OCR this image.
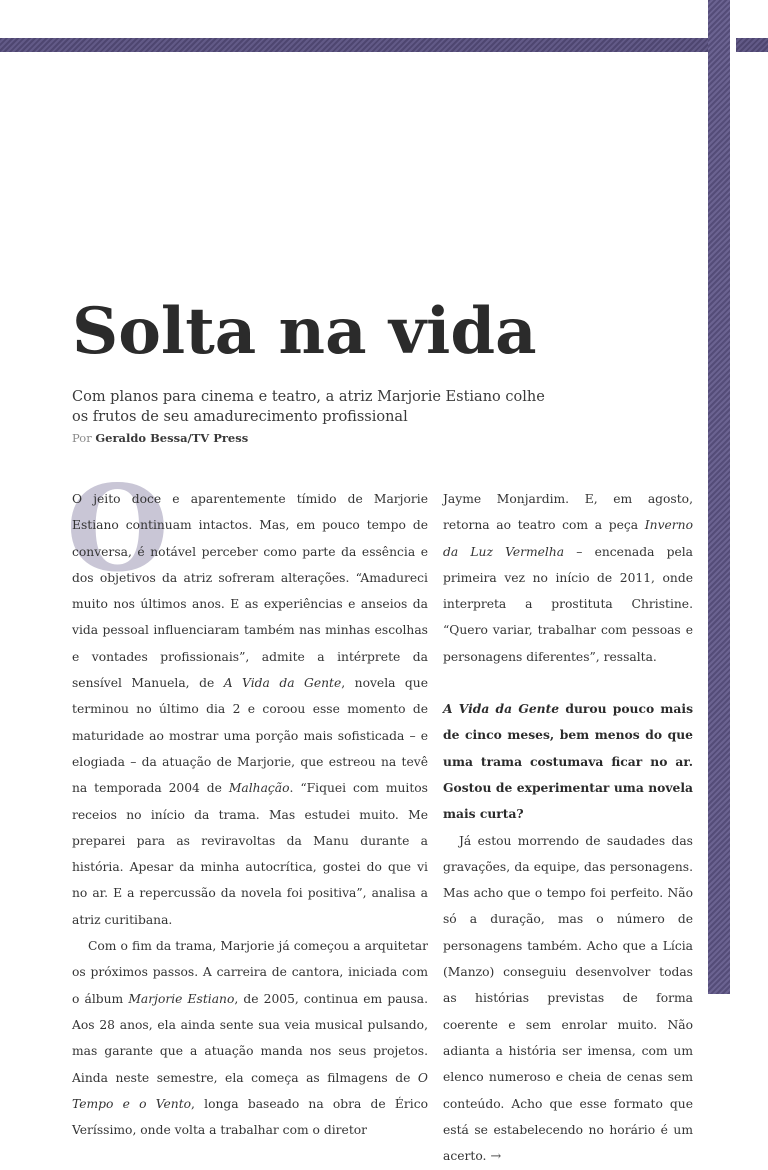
Solta na vida

Com planos para cinema e teatro, a atriz Marjorie Estiano colhe os frutos de seu amadurecimento profissional

Por Geraldo Bessa/TV Press

O

O jeito doce e aparentemente tímido de Marjorie Estiano continuam intactos. Mas, em pouco tempo de conversa, é notável perceber como parte da essência e dos objetivos da atriz sofreram alterações. “Amadureci muito nos últimos anos. E as experiências e anseios da vida pessoal influenciaram também nas minhas escolhas e vontades profissionais”, admite a intérprete da sensível Manuela, de A Vida da Gente, novela que terminou no último dia 2 e coroou esse momento de maturidade ao mostrar uma porção mais sofisticada – e elogiada – da atuação de Marjorie, que estreou na tevê na temporada 2004 de Malhação. “Fiquei com muitos receios no início da trama. Mas estudei muito. Me preparei para as reviravoltas da Manu durante a história. Apesar da minha autocrítica, gostei do que vi no ar. E a repercussão da novela foi positiva”, analisa a atriz curitibana.

Com o fim da trama, Marjorie já começou a arquitetar os próximos passos. A carreira de cantora, iniciada com o álbum Marjorie Estiano, de 2005, continua em pausa. Aos 28 anos, ela ainda sente sua veia musical pulsando, mas garante que a atuação manda nos seus projetos. Ainda neste semestre, ela começa as filmagens de O Tempo e o Vento, longa baseado na obra de Érico Veríssimo, onde volta a trabalhar com o diretor

Jayme Monjardim. E, em agosto, retorna ao teatro com a peça Inverno da Luz Vermelha – encenada pela primeira vez no início de 2011, onde interpreta a prostituta Christine. “Quero variar, trabalhar com pessoas e personagens diferentes”, ressalta.

A Vida da Gente durou pouco mais de cinco meses, bem menos do que uma trama costumava ficar no ar. Gostou de experimentar uma novela mais curta?

Já estou morrendo de saudades das gravações, da equipe, das personagens. Mas acho que o tempo foi perfeito. Não só a duração, mas o número de personagens também. Acho que a Lícia (Manzo) conseguiu desenvolver todas as histórias previstas de forma coerente e sem enrolar muito. Não adianta a história ser imensa, com um elenco numeroso e cheia de cenas sem conteúdo. Acho que esse formato que está se estabelecendo no horário é um acerto. →
